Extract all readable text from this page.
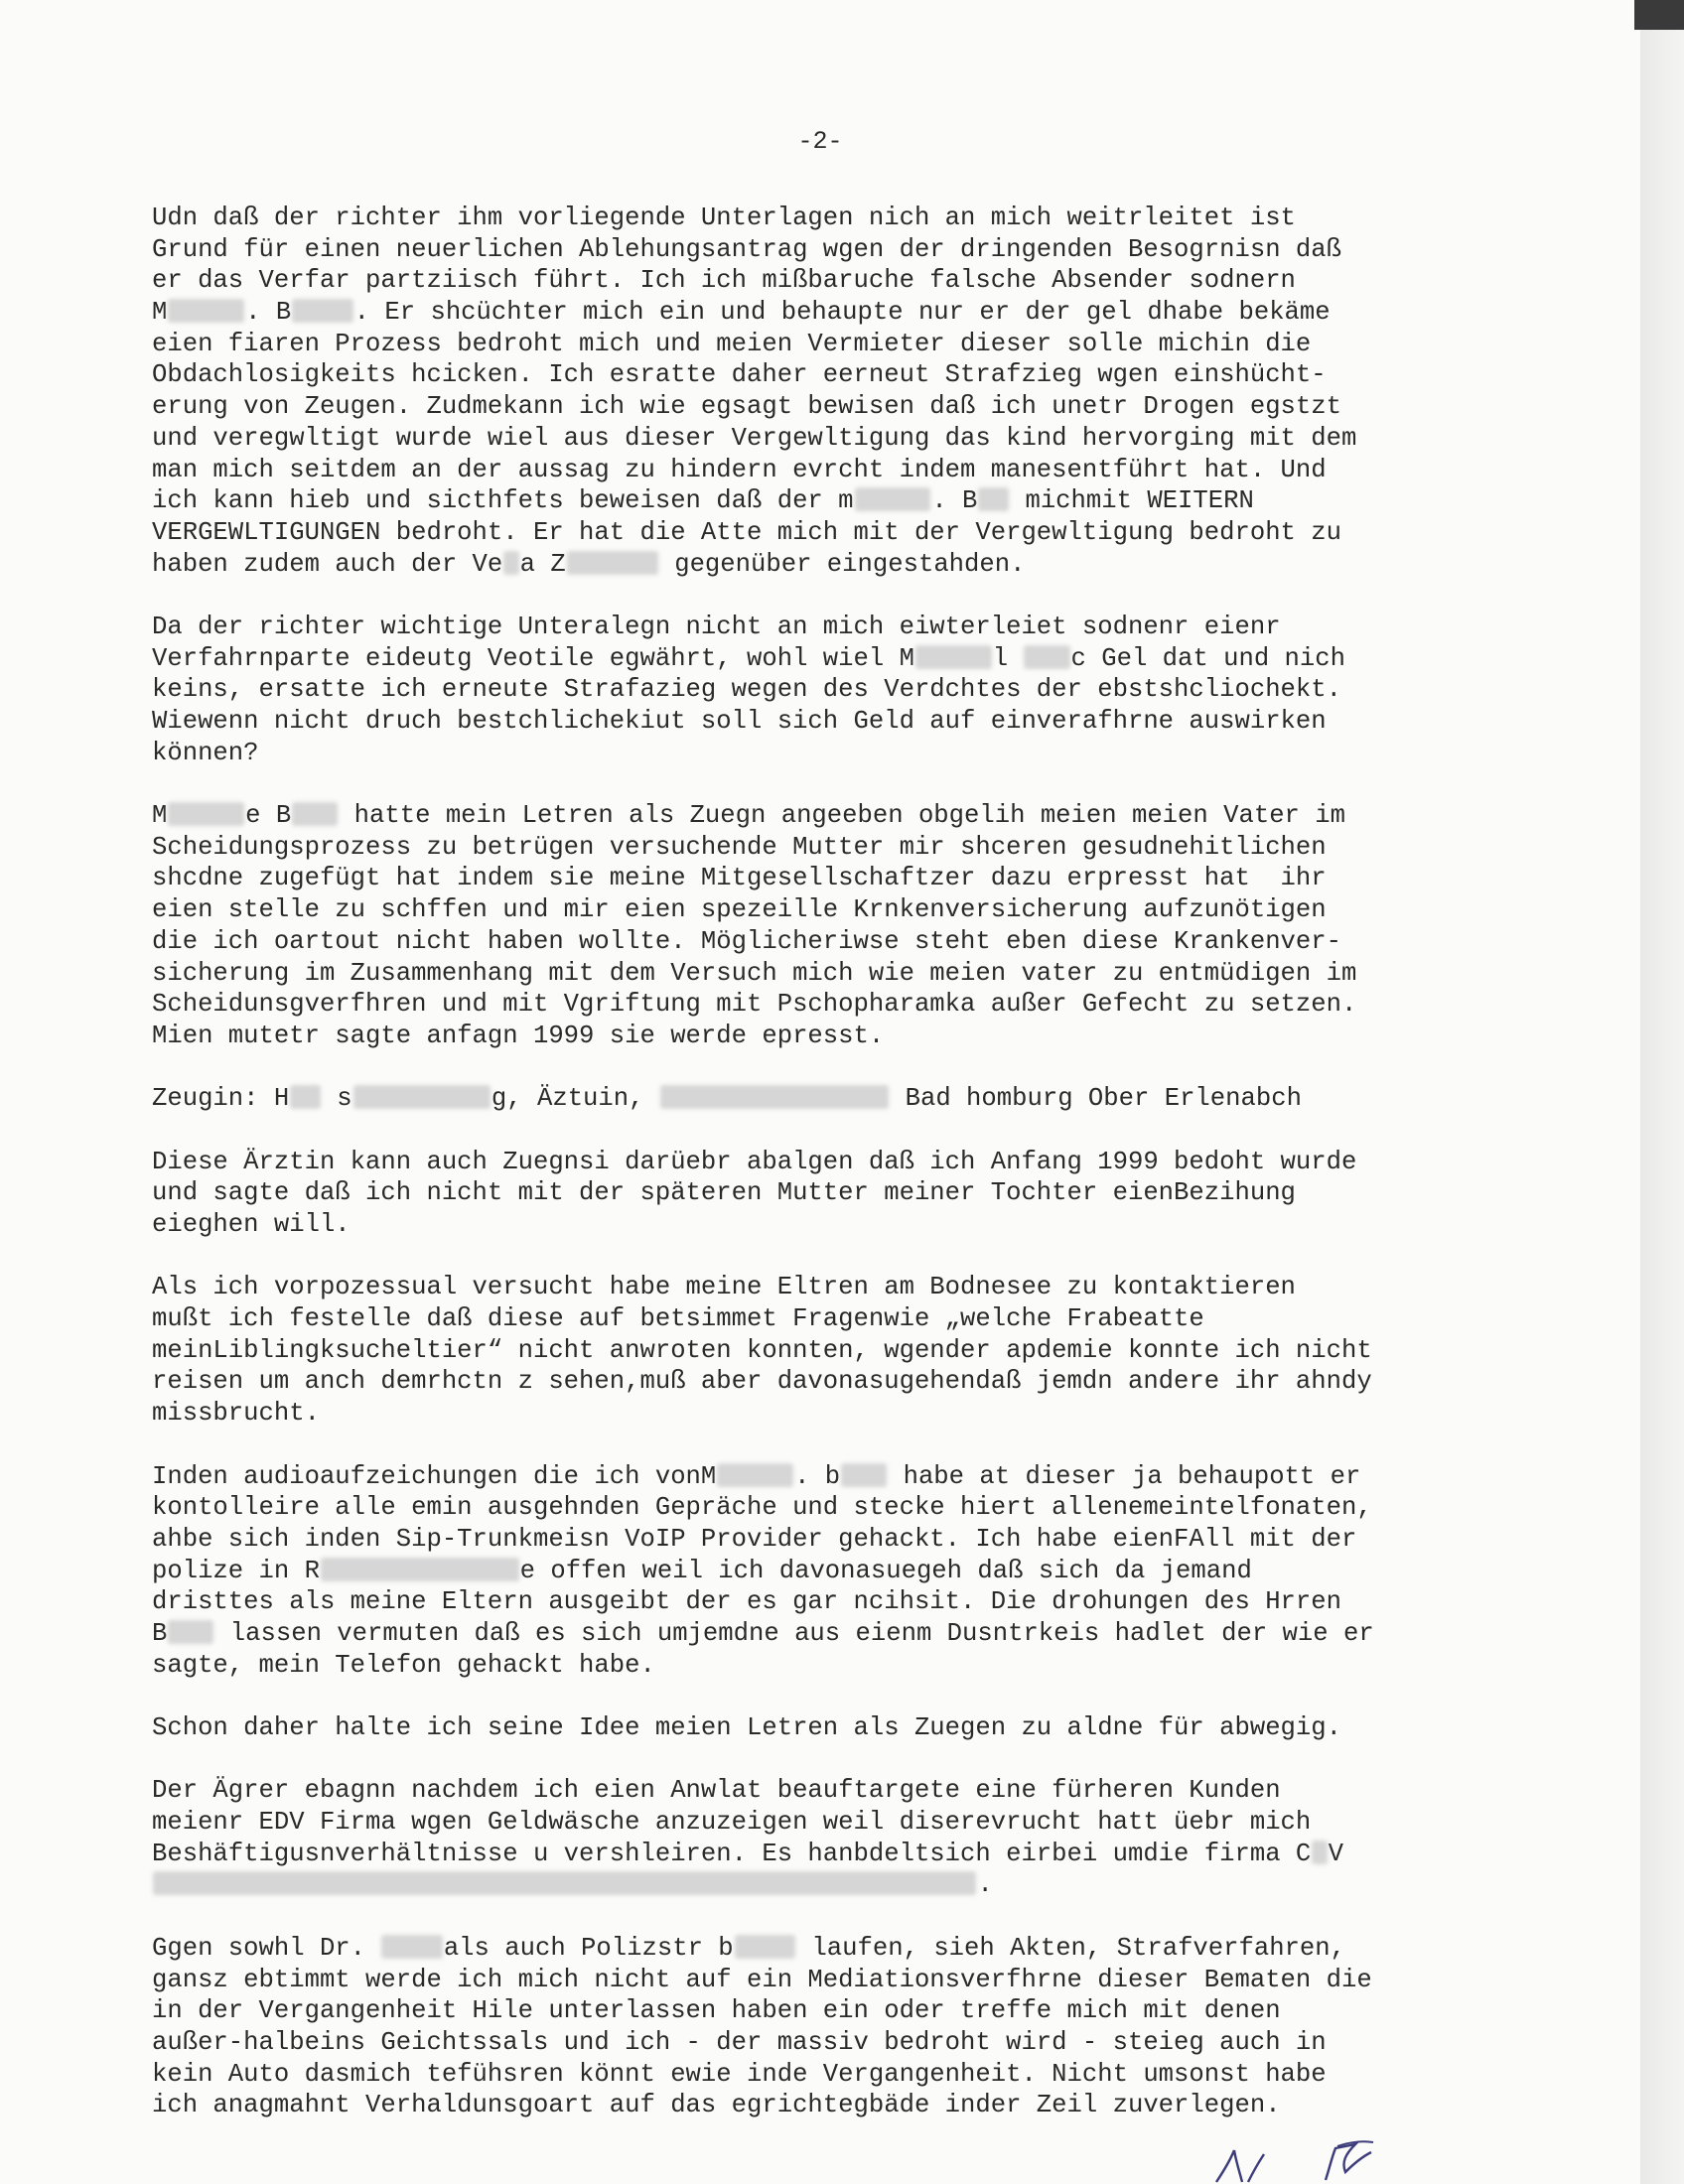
-2-
Udn daß der richter ihm vorliegende Unterlagen nich an mich weitrleitet ist
Grund für einen neuerlichen Ablehungsantrag wgen der dringenden Besogrnisn daß
er das Verfar partziisch führt. Ich ich mißbaruche falsche Absender sodnern
M	. B . Er shcüchter mich ein und behaupte nur er der gel dhabe bekäme
eien fiaren Prozess bedroht mich und meien Vermieter dieser solle michin die
Obdachlosigkeits hcicken. Ich esratte daher eerneut Strafzieg wgen einshücht-
erung von Zeugen. Zudmekann ich wie egsagt bewisen daß ich unetr Drogen egstzt
und veregwltigt wurde wiel aus dieser Vergewltigung das kind hervorging mit dem
man mich seitdem an der aussag zu hindern evrcht indem manesentführt hat. Und
ich kann hieb und sicthfets beweisen daß der m	. B michmit WEITERN
VERGEWLTIGUNGEN bedroht. Er hat die Atte mich mit der Vergewltigung bedroht zu
haben zudem auch der Ve a Z	gegenüber eingestahden.
Da der richter wichtige Unteralegn nicht an mich eiwterleiet sodnenr eienr
Verfahrnparte eideutg Veotile egwährt, wohl wiel M	l c Gel dat und nich
keins, ersatte ich erneute Strafazieg wegen des Verdchtes der ebstshcliochekt.
Wiewenn nicht druch bestchlichekiut soll sich Geld auf einverafhrne auswirken
können?
M	e B hatte mein Letren als Zuegn angeeben obgelih meien meien Vater im
Scheidungsprozess zu betrügen versuchende Mutter mir shceren gesudnehitlichen
shcdne zugefügt hat indem sie meine Mitgesellschaftzer dazu erpresst hat  ihr
eien stelle zu schffen und mir eien spezeille Krnkenversicherung aufzunötigen
die ich oartout nicht haben wollte. Möglicheriwse steht eben diese Krankenver-
sicherung im Zusammenhang mit dem Versuch mich wie meien vater zu entmüdigen im
Scheidunsgverfhren und mit Vgriftung mit Pschopharamka außer Gefecht zu setzen.
Mien mutetr sagte anfagn 1999 sie werde epresst.
Zeugin: H s	g, Äztuin,	Bad homburg Ober Erlenabch
Diese Ärztin kann auch Zuegnsi darüebr abalgen daß ich Anfang 1999 bedoht wurde
und sagte daß ich nicht mit der späteren Mutter meiner Tochter eienBezihung
eieghen will.
Als ich vorpozessual versucht habe meine Eltren am Bodnesee zu kontaktieren
mußt ich festelle daß diese auf betsimmet Fragenwie „welche Frabeatte
meinLiblingksucheltier“ nicht anwroten konnten, wgender apdemie konnte ich nicht
reisen um anch demrhctn z sehen,muß aber davonasugehendaß jemdn andere ihr ahndy
missbrucht.
Inden audioaufzeichungen die ich vonM	. b habe at dieser ja behaupott er
kontolleire alle emin ausgehnden Gepräche und stecke hiert allenemeintelfonaten,
ahbe sich inden Sip-Trunkmeisn VoIP Provider gehackt. Ich habe eienFAll mit der
polize in R	e offen weil ich davonasuegeh daß sich da jemand
dristtes als meine Eltern ausgeibt der es gar ncihsit. Die drohungen des Hrren
B lassen vermuten daß es sich umjemdne aus eienm Dusntrkeis hadlet der wie er
sagte, mein Telefon gehackt habe.
Schon daher halte ich seine Idee meien Letren als Zuegen zu aldne für abwegig.
Der Ägrer ebagnn nachdem ich eien Anwlat beauftargete eine fürheren Kunden
meienr EDV Firma wgen Geldwäsche anzuzeigen weil diserevrucht hatt üebr mich
Beshäftigusnverhältnisse u vershleiren. Es hanbdeltsich eirbei umdie firma C V
.
Ggen sowhl Dr. als auch Polizstr b laufen, sieh Akten, Strafverfahren,
gansz ebtimmt werde ich mich nicht auf ein Mediationsverfhrne dieser Bematen die
in der Vergangenheit Hile unterlassen haben ein oder treffe mich mit denen
außer-halbeins Geichtssals und ich - der massiv bedroht wird - steieg auch in
kein Auto dasmich tefühsren könnt ewie inde Vergangenheit. Nicht umsonst habe
ich anagmahnt Verhaldunsgoart auf das egrichtegbäde inder Zeil zuverlegen.
